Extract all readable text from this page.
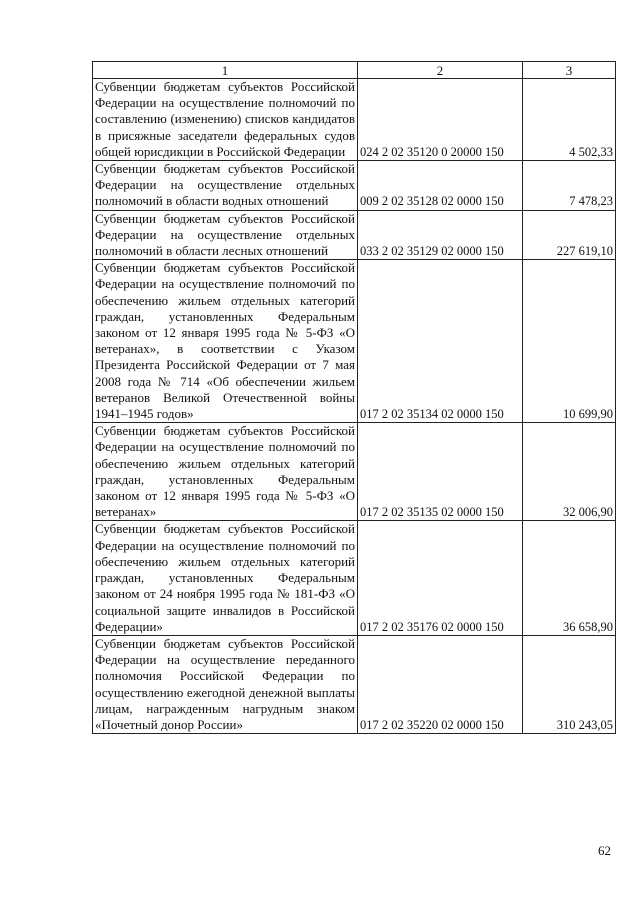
1	2	3
Субвенции бюджетам субъектов Российской Федерации на осуществление полномочий по составлению (изменению) списков кандидатов в присяжные заседатели федеральных судов общей юрисдикции в Российской Федерации	024 2 02 35120 0 20000 150	4 502,33
Субвенции бюджетам субъектов Российской Федерации на осуществление отдельных полномочий в области водных отношений	009 2 02 35128 02 0000 150	7 478,23
Субвенции бюджетам субъектов Российской Федерации на осуществление отдельных полномочий в области лесных отношений	033 2 02 35129 02 0000 150	227 619,10
Субвенции бюджетам субъектов Российской Федерации на осуществление полномочий по обеспечению жильем отдельных категорий граждан, установленных Федеральным законом от 12 января 1995 года № 5-ФЗ «О ветеранах», в соответствии с Указом Президента Российской Федерации от 7 мая 2008 года № 714 «Об обеспечении жильем ветеранов Великой Отечественной войны 1941–1945 годов»	017 2 02 35134 02 0000 150	10 699,90
Субвенции бюджетам субъектов Российской Федерации на осуществление полномочий по обеспечению жильем отдельных категорий граждан, установленных Федеральным законом от 12 января 1995 года № 5-ФЗ «О ветеранах»	017 2 02 35135 02 0000 150	32 006,90
Субвенции бюджетам субъектов Российской Федерации на осуществление полномочий по обеспечению жильем отдельных категорий граждан, установленных Федеральным законом от 24 ноября 1995 года № 181-ФЗ «О социальной защите инвалидов в Российской Федерации»	017 2 02 35176 02 0000 150	36 658,90
Субвенции бюджетам субъектов Российской Федерации на осуществление переданного полномочия Российской Федерации по осуществлению ежегодной денежной выплаты лицам, награжденным нагрудным знаком «Почетный донор России»	017 2 02 35220 02 0000 150	310 243,05
62
